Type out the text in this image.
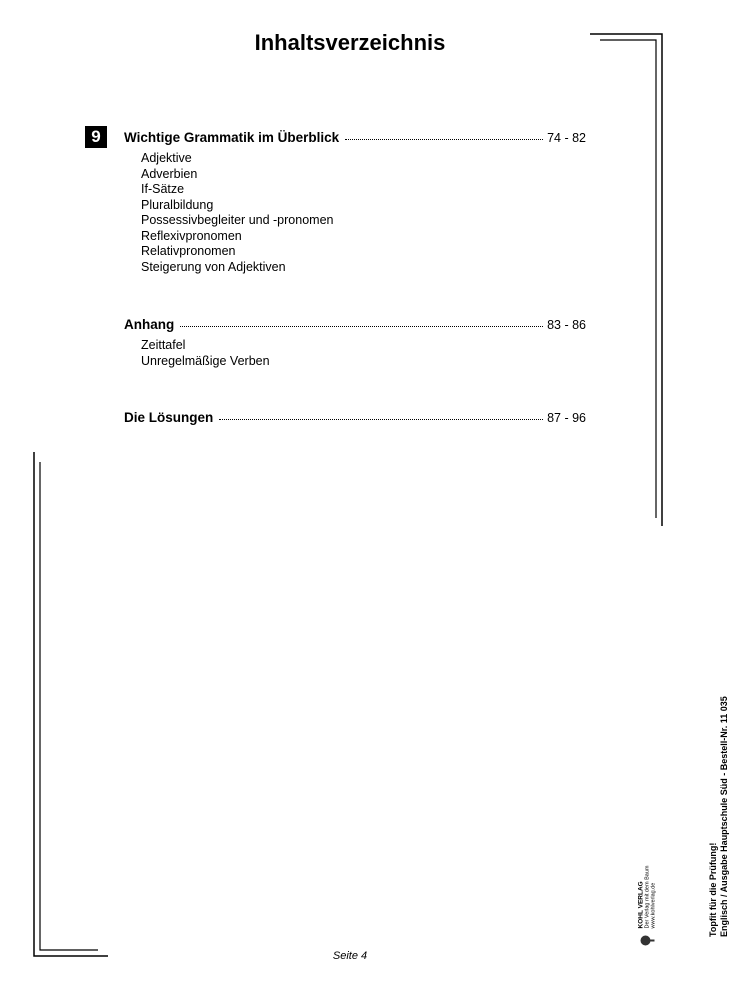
Inhaltsverzeichnis
9	Wichtige Grammatik im Überblick	74 - 82
Adjektive
Adverbien
If-Sätze
Pluralbildung
Possessivbegleiter und -pronomen
Reflexivpronomen
Relativpronomen
Steigerung von Adjektiven
Anhang	83 - 86
Zeittafel
Unregelmäßige Verben
Die Lösungen	87 - 96
Topfit für die Prüfung! Englisch / Ausgabe Hauptschule Süd - Bestell-Nr. 11 035
KOHL VERLAG Der Verlag mit dem Baum www.kohlverlag.de
Seite 4
